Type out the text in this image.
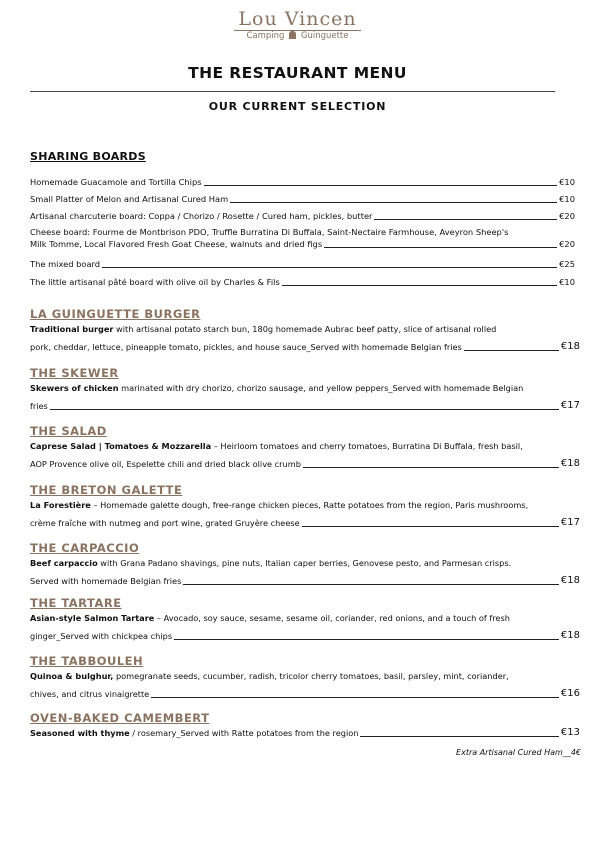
Lou Vincen
Camping Guinguette
THE RESTAURANT MENU
OUR CURRENT SELECTION
SHARING BOARDS
Homemade Guacamole and Tortilla Chips	€10
Small Platter of Melon and Artisanal Cured Ham	€10
Artisanal charcuterie board: Coppa / Chorizo / Rosette / Cured ham, pickles, butter	€20
Cheese board: Fourme de Montbrison PDO, Truffle Burratina Di Buffala, Saint-Nectaire Farmhouse, Aveyron Sheep's
Milk Tomme, Local Flavored Fresh Goat Cheese, walnuts and dried figs	€20
The mixed board	€25
The little artisanal pâté board with olive oil by Charles & Fils	€10
LA GUINGUETTE BURGER
Traditional burger with artisanal potato starch bun, 180g homemade Aubrac beef patty, slice of artisanal rolled
pork, cheddar, lettuce, pineapple tomato, pickles, and house sauce_Served with homemade Belgian fries	€18
THE SKEWER
Skewers of chicken marinated with dry chorizo, chorizo sausage, and yellow peppers_Served with homemade Belgian
fries	€17
THE SALAD
Caprese Salad | Tomatoes & Mozzarella – Heirloom tomatoes and cherry tomatoes, Burratina Di Buffala, fresh basil,
AOP Provence olive oil, Espelette chili and dried black olive crumb	€18
THE BRETON GALETTE
La Forestière – Homemade galette dough, free-range chicken pieces, Ratte potatoes from the region, Paris mushrooms,
crème fraîche with nutmeg and port wine, grated Gruyère cheese	€17
THE CARPACCIO
Beef carpaccio with Grana Padano shavings, pine nuts, Italian caper berries, Genovese pesto, and Parmesan crisps.
Served with homemade Belgian fries	€18
THE TARTARE
Asian-style Salmon Tartare – Avocado, soy sauce, sesame, sesame oil, coriander, red onions, and a touch of fresh
ginger_Served with chickpea chips	€18
THE TABBOULEH
Quinoa & bulghur, pomegranate seeds, cucumber, radish, tricolor cherry tomatoes, basil, parsley, mint, coriander,
chives, and citrus vinaigrette	€16
OVEN-BAKED CAMEMBERT
Seasoned with thyme / rosemary_Served with Ratte potatoes from the region	€13
Extra Artisanal Cured Ham__4€
